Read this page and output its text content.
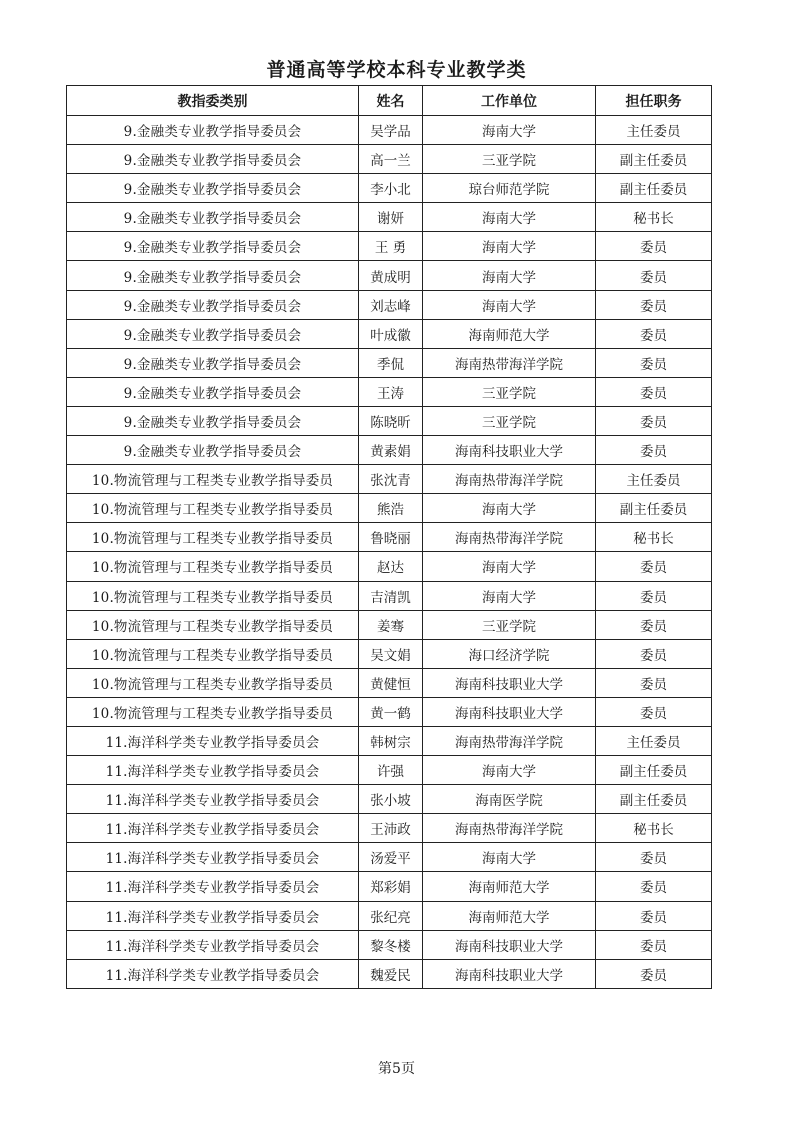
普通高等学校本科专业教学类
教指委类别	姓名	工作单位	担任职务
9.金融类专业教学指导委员会	吴学品	海南大学	主任委员
9.金融类专业教学指导委员会	高一兰	三亚学院	副主任委员
9.金融类专业教学指导委员会	李小北	琼台师范学院	副主任委员
9.金融类专业教学指导委员会	谢妍	海南大学	秘书长
9.金融类专业教学指导委员会	王 勇	海南大学	委员
9.金融类专业教学指导委员会	黄成明	海南大学	委员
9.金融类专业教学指导委员会	刘志峰	海南大学	委员
9.金融类专业教学指导委员会	叶成徽	海南师范大学	委员
9.金融类专业教学指导委员会	季侃	海南热带海洋学院	委员
9.金融类专业教学指导委员会	王涛	三亚学院	委员
9.金融类专业教学指导委员会	陈晓昕	三亚学院	委员
9.金融类专业教学指导委员会	黄素娟	海南科技职业大学	委员
10.物流管理与工程类专业教学指导委员	张沈青	海南热带海洋学院	主任委员
10.物流管理与工程类专业教学指导委员	熊浩	海南大学	副主任委员
10.物流管理与工程类专业教学指导委员	鲁晓丽	海南热带海洋学院	秘书长
10.物流管理与工程类专业教学指导委员	赵达	海南大学	委员
10.物流管理与工程类专业教学指导委员	吉清凯	海南大学	委员
10.物流管理与工程类专业教学指导委员	姜骞	三亚学院	委员
10.物流管理与工程类专业教学指导委员	吴文娟	海口经济学院	委员
10.物流管理与工程类专业教学指导委员	黄健恒	海南科技职业大学	委员
10.物流管理与工程类专业教学指导委员	黄一鹤	海南科技职业大学	委员
11.海洋科学类专业教学指导委员会	韩树宗	海南热带海洋学院	主任委员
11.海洋科学类专业教学指导委员会	许强	海南大学	副主任委员
11.海洋科学类专业教学指导委员会	张小坡	海南医学院	副主任委员
11.海洋科学类专业教学指导委员会	王沛政	海南热带海洋学院	秘书长
11.海洋科学类专业教学指导委员会	汤爱平	海南大学	委员
11.海洋科学类专业教学指导委员会	郑彩娟	海南师范大学	委员
11.海洋科学类专业教学指导委员会	张纪亮	海南师范大学	委员
11.海洋科学类专业教学指导委员会	黎冬楼	海南科技职业大学	委员
11.海洋科学类专业教学指导委员会	魏爱民	海南科技职业大学	委员
第5页
